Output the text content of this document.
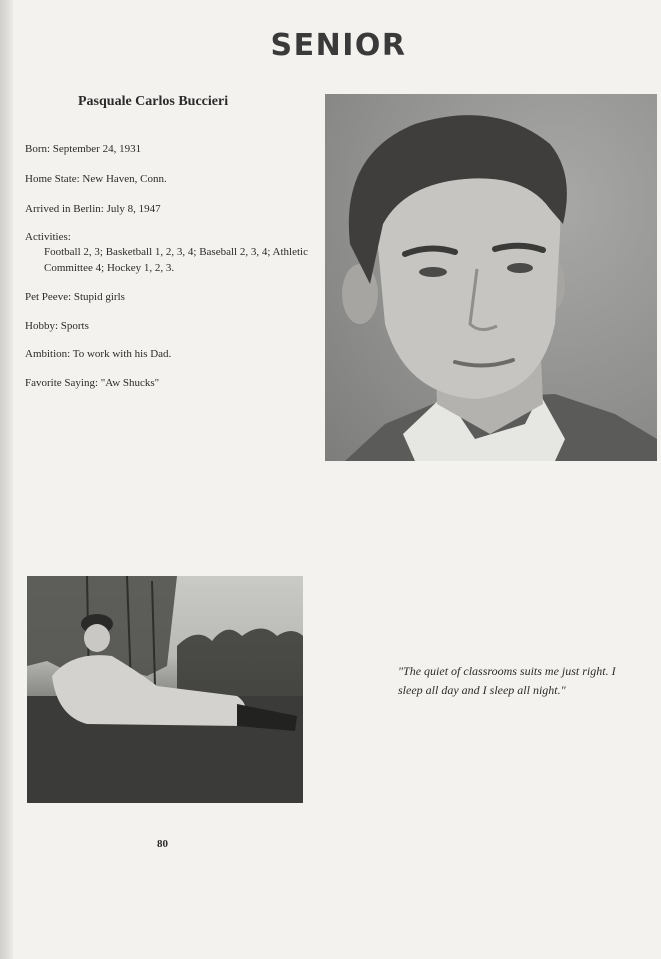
SENIOR
Pasquale Carlos Buccieri
Born: September 24, 1931
Home State: New Haven, Conn.
Arrived in Berlin: July 8, 1947
Activities:
Football 2, 3; Basketball 1, 2, 3, 4; Baseball 2, 3, 4; Athletic Committee 4; Hockey 1, 2, 3.
Pet Peeve: Stupid girls
Hobby: Sports
Ambition: To work with his Dad.
Favorite Saying: "Aw Shucks"
"The quiet of classrooms suits me just right. I sleep all day and I sleep all night."
80
